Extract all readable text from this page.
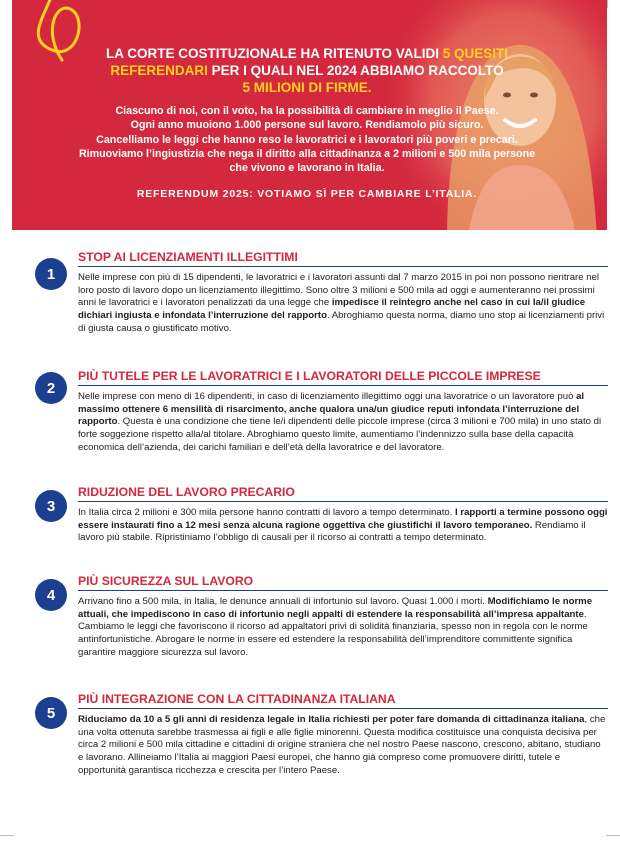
LA CORTE COSTITUZIONALE HA RITENUTO VALIDI 5 QUESITI REFERENDARI PER I QUALI NEL 2024 ABBIAMO RACCOLTO
5 MILIONI DI FIRME.

Ciascuno di noi, con il voto, ha la possibilità di cambiare in meglio il Paese.

Ogni anno muoiono 1.000 persone sul lavoro. Rendiamolo più sicuro.

Cancelliamo le leggi che hanno reso le lavoratrici e i lavoratori più poveri e precari.

Rimuoviamo l’ingiustizia che nega il diritto alla cittadinanza a 2 milioni e 500 mila persone che vivono e lavorano in Italia.

REFERENDUM 2025: VOTIAMO SÌ PER CAMBIARE L’ITALIA.
1
STOP AI LICENZIAMENTI ILLEGITTIMI
Nelle imprese con più di 15 dipendenti, le lavoratrici e i lavoratori assunti dal 7 marzo 2015 in poi non possono rientrare nel loro posto di lavoro dopo un licenziamento illegittimo. Sono oltre 3 milioni e 500 mila ad oggi e aumenteranno nei prossimi anni le lavoratrici e i lavoratori penalizzati da una legge che impedisce il reintegro anche nel caso in cui la/il giudice dichiari ingiusta e infondata l’interruzione del rapporto. Abroghiamo questa norma, diamo uno stop ai licenziamenti privi di giusta causa o giustificato motivo.
2
PIÙ TUTELE PER LE LAVORATRICI E I LAVORATORI DELLE PICCOLE IMPRESE
Nelle imprese con meno di 16 dipendenti, in caso di licenziamento illegittimo oggi una lavoratrice o un lavoratore può al massimo ottenere 6 mensilità di risarcimento, anche qualora una/un giudice reputi infondata l’interruzione del rapporto. Questa è una condizione che tiene le/i dipendenti delle piccole imprese (circa 3 milioni e 700 mila) in uno stato di forte soggezione rispetto alla/al titolare. Abroghiamo questo limite, aumentiamo l’indennizzo sulla base della capacità economica dell’azienda, dei carichi familiari e dell’età della lavoratrice e del lavoratore.
3
RIDUZIONE DEL LAVORO PRECARIO
In Italia circa 2 milioni e 300 mila persone hanno contratti di lavoro a tempo determinato. I rapporti a termine possono oggi essere instaurati fino a 12 mesi senza alcuna ragione oggettiva che giustifichi il lavoro temporaneo. Rendiamo il lavoro più stabile. Ripristiniamo l’obbligo di causali per il ricorso ai contratti a tempo determinato.
4
PIÙ SICUREZZA SUL LAVORO
Arrivano fino a 500 mila, in Italia, le denunce annuali di infortunio sul lavoro. Quasi 1.000 i morti. Modifichiamo le norme attuali, che impediscono in caso di infortunio negli appalti di estendere la responsabilità all’impresa appaltante. Cambiamo le leggi che favoriscono il ricorso ad appaltatori privi di solidità finanziaria, spesso non in regola con le norme antinfortunistiche. Abrogare le norme in essere ed estendere la responsabilità dell’imprenditore committente significa garantire maggiore sicurezza sul lavoro.
5
PIÙ INTEGRAZIONE CON LA CITTADINANZA ITALIANA
Riduciamo da 10 a 5 gli anni di residenza legale in Italia richiesti per poter fare domanda di cittadinanza italiana, che una volta ottenuta sarebbe trasmessa ai figli e alle figlie minorenni. Questa modifica costituisce una conquista decisiva per circa 2 milioni e 500 mila cittadine e cittadini di origine straniera che nel nostro Paese nascono, crescono, abitano, studiano e lavorano. Allineiamo l’Italia ai maggiori Paesi europei, che hanno già compreso come promuovere diritti, tutele e opportunità garantisca ricchezza e crescita per l’intero Paese.
